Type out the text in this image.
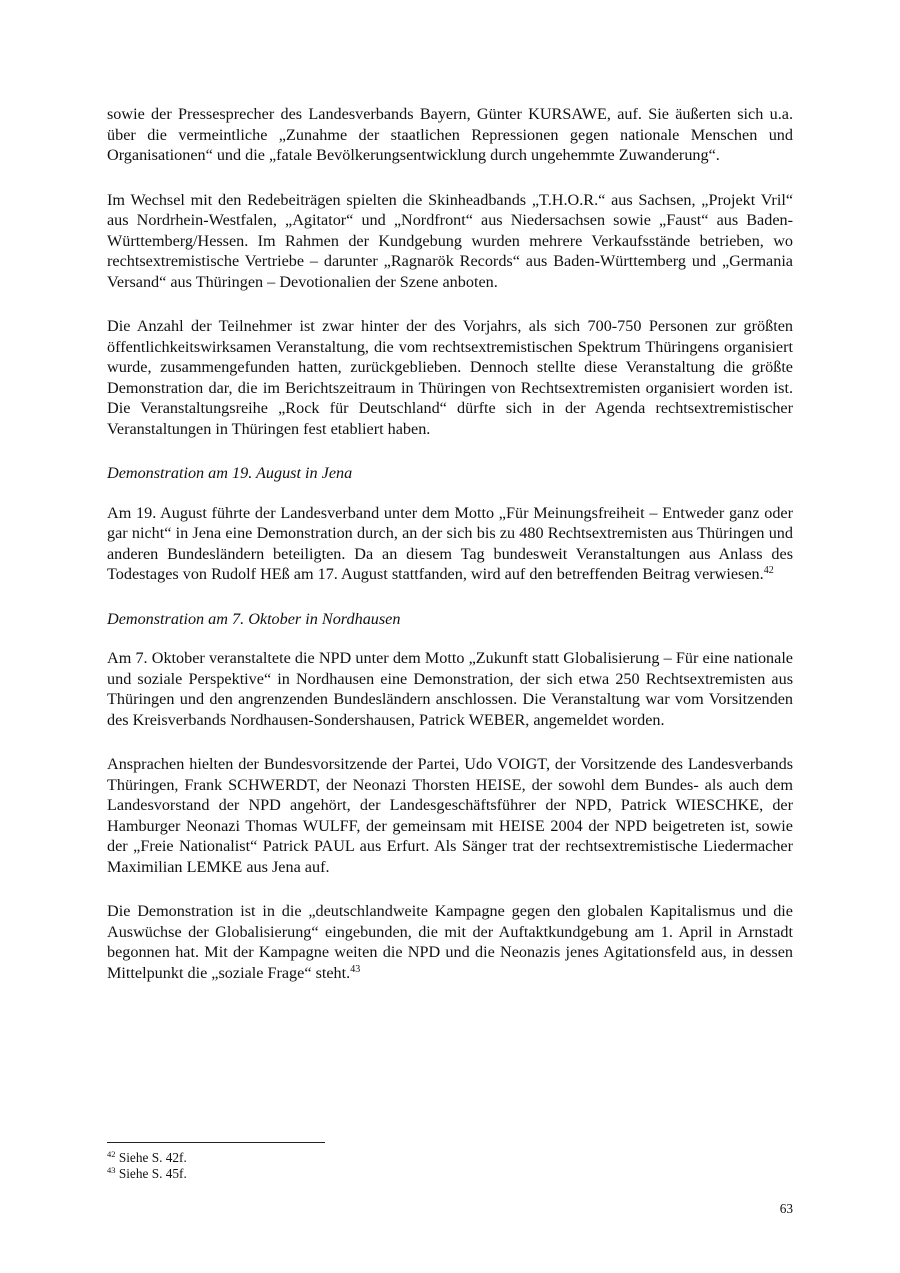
sowie der Pressesprecher des Landesverbands Bayern, Günter KURSAWE, auf. Sie äußerten sich u.a. über die vermeintliche „Zunahme der staatlichen Repressionen gegen nationale Menschen und Organisationen“ und die „fatale Bevölkerungsentwicklung durch ungehemmte Zuwanderung“.

Im Wechsel mit den Redebeiträgen spielten die Skinheadbands „T.H.O.R.“ aus Sachsen, „Projekt Vril“ aus Nordrhein-Westfalen, „Agitator“ und „Nordfront“ aus Niedersachsen sowie „Faust“ aus Baden-Württemberg/Hessen. Im Rahmen der Kundgebung wurden mehrere Verkaufsstände betrieben, wo rechtsextremistische Vertriebe – darunter „Ragnarök Records“ aus Baden-Württemberg und „Germania Versand“ aus Thüringen – Devotionalien der Szene anboten.

Die Anzahl der Teilnehmer ist zwar hinter der des Vorjahrs, als sich 700-750 Personen zur größten öffentlichkeitswirksamen Veranstaltung, die vom rechtsextremistischen Spektrum Thüringens organisiert wurde, zusammengefunden hatten, zurückgeblieben. Dennoch stellte diese Veranstaltung die größte Demonstration dar, die im Berichtszeitraum in Thüringen von Rechtsextremisten organisiert worden ist. Die Veranstaltungsreihe „Rock für Deutschland“ dürfte sich in der Agenda rechtsextremistischer Veranstaltungen in Thüringen fest etabliert haben.

Demonstration am 19. August in Jena

Am 19. August führte der Landesverband unter dem Motto „Für Meinungsfreiheit – Entweder ganz oder gar nicht“ in Jena eine Demonstration durch, an der sich bis zu 480 Rechtsextremisten aus Thüringen und anderen Bundesländern beteiligten. Da an diesem Tag bundesweit Veranstaltungen aus Anlass des Todestages von Rudolf HEß am 17. August stattfanden, wird auf den betreffenden Beitrag verwiesen.$^{42}$

Demonstration am 7. Oktober in Nordhausen

Am 7. Oktober veranstaltete die NPD unter dem Motto „Zukunft statt Globalisierung – Für eine nationale und soziale Perspektive“ in Nordhausen eine Demonstration, der sich etwa 250 Rechtsextremisten aus Thüringen und den angrenzenden Bundesländern anschlossen. Die Veranstaltung war vom Vorsitzenden des Kreisverbands Nordhausen-Sondershausen, Patrick WEBER, angemeldet worden.

Ansprachen hielten der Bundesvorsitzende der Partei, Udo VOIGT, der Vorsitzende des Landesverbands Thüringen, Frank SCHWERDT, der Neonazi Thorsten HEISE, der sowohl dem Bundes- als auch dem Landesvorstand der NPD angehört, der Landesgeschäftsführer der NPD, Patrick WIESCHKE, der Hamburger Neonazi Thomas WULFF, der gemeinsam mit HEISE 2004 der NPD beigetreten ist, sowie der „Freie Nationalist“ Patrick PAUL aus Erfurt. Als Sänger trat der rechtsextremistische Liedermacher Maximilian LEMKE aus Jena auf.

Die Demonstration ist in die „deutschlandweite Kampagne gegen den globalen Kapitalismus und die Auswüchse der Globalisierung“ eingebunden, die mit der Auftaktkundgebung am 1. April in Arnstadt begonnen hat. Mit der Kampagne weiten die NPD und die Neonazis jenes Agitationsfeld aus, in dessen Mittelpunkt die „soziale Frage“ steht.$^{43}$

$^{42}$ Siehe S. 42f.
$^{43}$ Siehe S. 45f.
63
